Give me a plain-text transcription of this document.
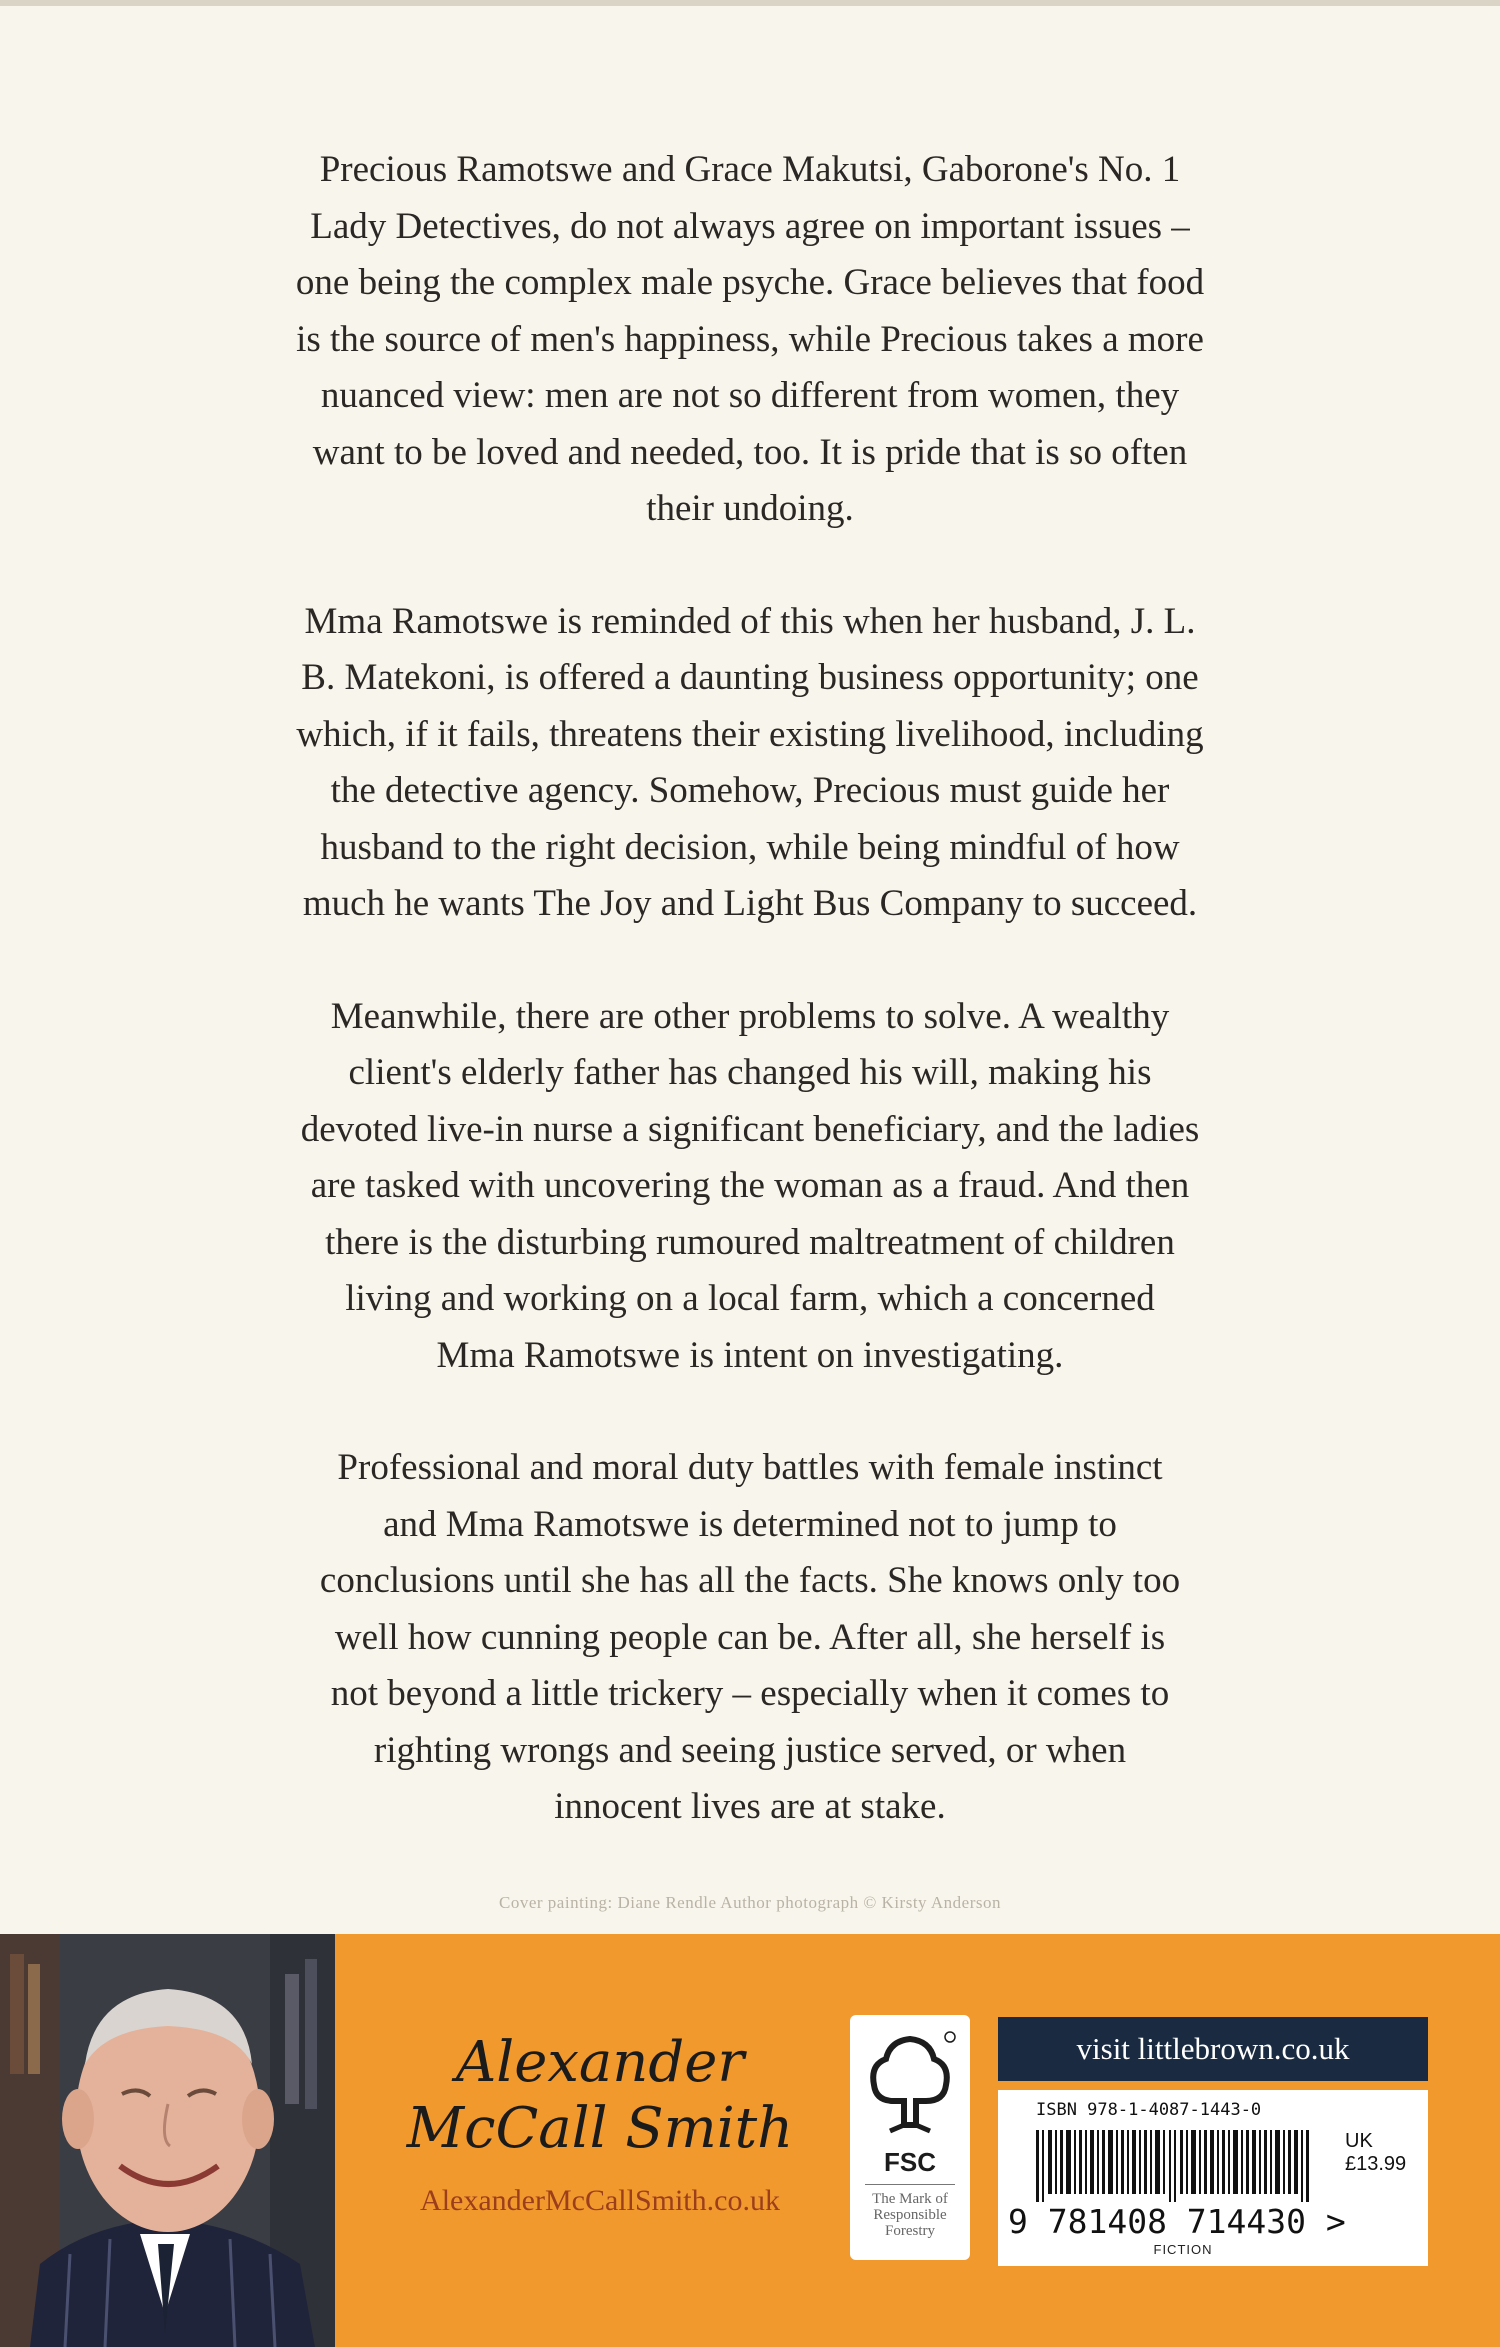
Precious Ramotswe and Grace Makutsi, Gaborone's No. 1
Lady Detectives, do not always agree on important issues –
one being the complex male psyche. Grace believes that food
is the source of men's happiness, while Precious takes a more
nuanced view: men are not so different from women, they
want to be loved and needed, too. It is pride that is so often
their undoing.

Mma Ramotswe is reminded of this when her husband, J. L.
B. Matekoni, is offered a daunting business opportunity; one
which, if it fails, threatens their existing livelihood, including
the detective agency. Somehow, Precious must guide her
husband to the right decision, while being mindful of how
much he wants The Joy and Light Bus Company to succeed.

Meanwhile, there are other problems to solve. A wealthy
client's elderly father has changed his will, making his
devoted live-in nurse a significant beneficiary, and the ladies
are tasked with uncovering the woman as a fraud. And then
there is the disturbing rumoured maltreatment of children
living and working on a local farm, which a concerned
Mma Ramotswe is intent on investigating.

Professional and moral duty battles with female instinct
and Mma Ramotswe is determined not to jump to
conclusions until she has all the facts. She knows only too
well how cunning people can be. After all, she herself is
not beyond a little trickery – especially when it comes to
righting wrongs and seeing justice served, or when
innocent lives are at stake.

Cover painting: Diane Rendle Author photograph © Kirsty Anderson
Alexander
McCall Smith
AlexanderMcCallSmith.co.uk
FSC
The Mark of Responsible Forestry
visit littlebrown.co.uk
ISBN 978-1-4087-1443-0
UK £13.99
9 781408 714430 >
FICTION
